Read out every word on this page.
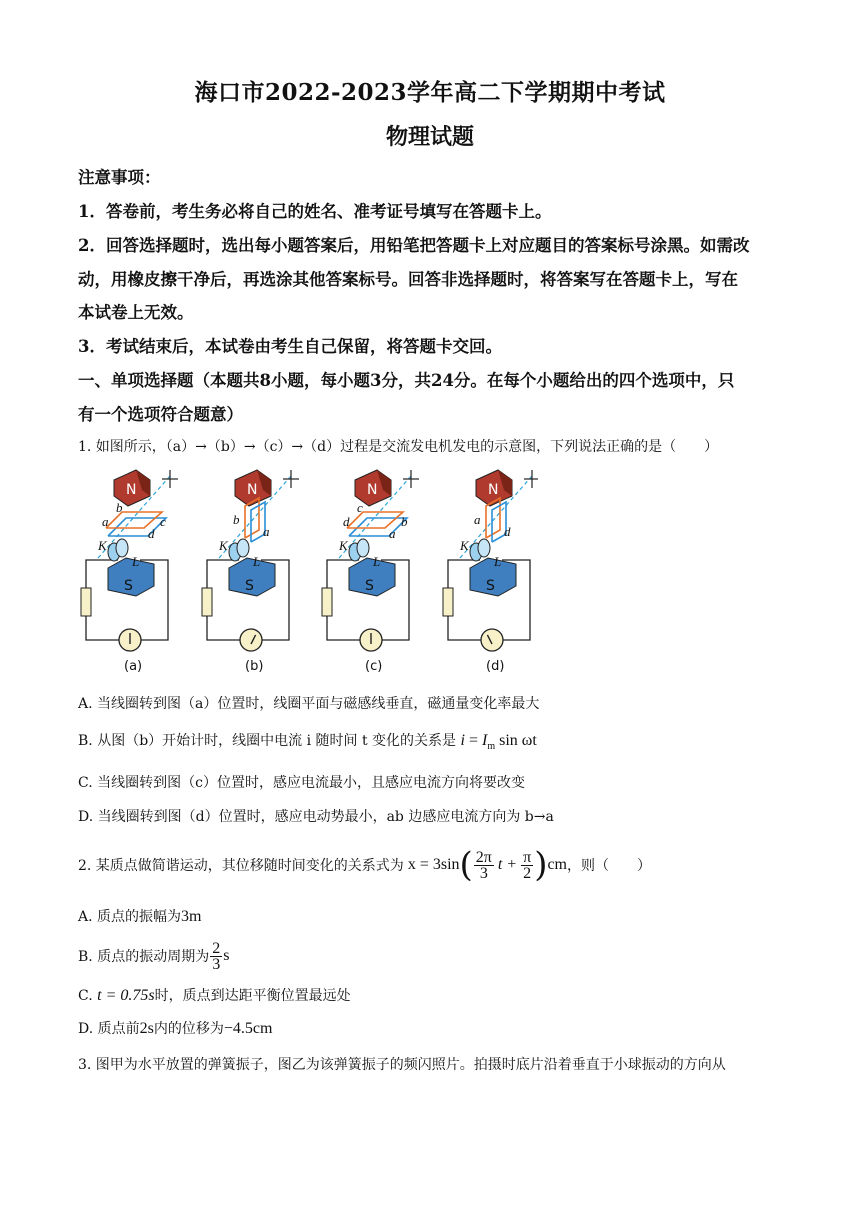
海口市2022-2023学年高二下学期期中考试
物理试题
注意事项：
1．答卷前，考生务必将自己的姓名、准考证号填写在答题卡上。
2．回答选择题时，选出每小题答案后，用铅笔把答题卡上对应题目的答案标号涂黑。如需改
动，用橡皮擦干净后，再选涂其他答案标号。回答非选择题时，将答案写在答题卡上，写在
本试卷上无效。
3．考试结束后，本试卷由考生自己保留，将答题卡交回。
一、单项选择题（本题共8小题，每小题3分，共24分。在每个小题给出的四个选项中，只
有一个选项符合题意）
1. 如图所示，（a）→（b）→（c）→（d）过程是交流发电机发电的示意图，下列说法正确的是（　　）
(a)
N
S
K
L
b
c
a
d
(b)
N
S
K
L
b
a
(c)
N
S
K
L
c
b
d
a
(d)
N
S
K
L
a
d
A. 当线圈转到图（a）位置时，线圈平面与磁感线垂直，磁通量变化率最大
B. 从图（b）开始计时，线圈中电流 i 随时间 t 变化的关系是 $i = I_m$ sin ωt
C. 当线圈转到图（c）位置时，感应电流最小，且感应电流方向将要改变
D. 当线圈转到图（d）位置时，感应电动势最小，ab 边感应电流方向为 b→a
2. 某质点做简谐运动，其位移随时间变化的关系式为 x = 3sin ( $\frac{2\pi}{3}$ $t + \frac{\pi}{2}$ ) cm ，则（　　）
A. 质点的振幅为3m
B. 质点的振动周期为 $\frac{2}{3}$ s
C. t = 0.75s时，质点到达距平衡位置最远处
D. 质点前2s内的位移为−4.5cm
3. 图甲为水平放置的弹簧振子，图乙为该弹簧振子的频闪照片。拍摄时底片沿着垂直于小球振动的方向从
